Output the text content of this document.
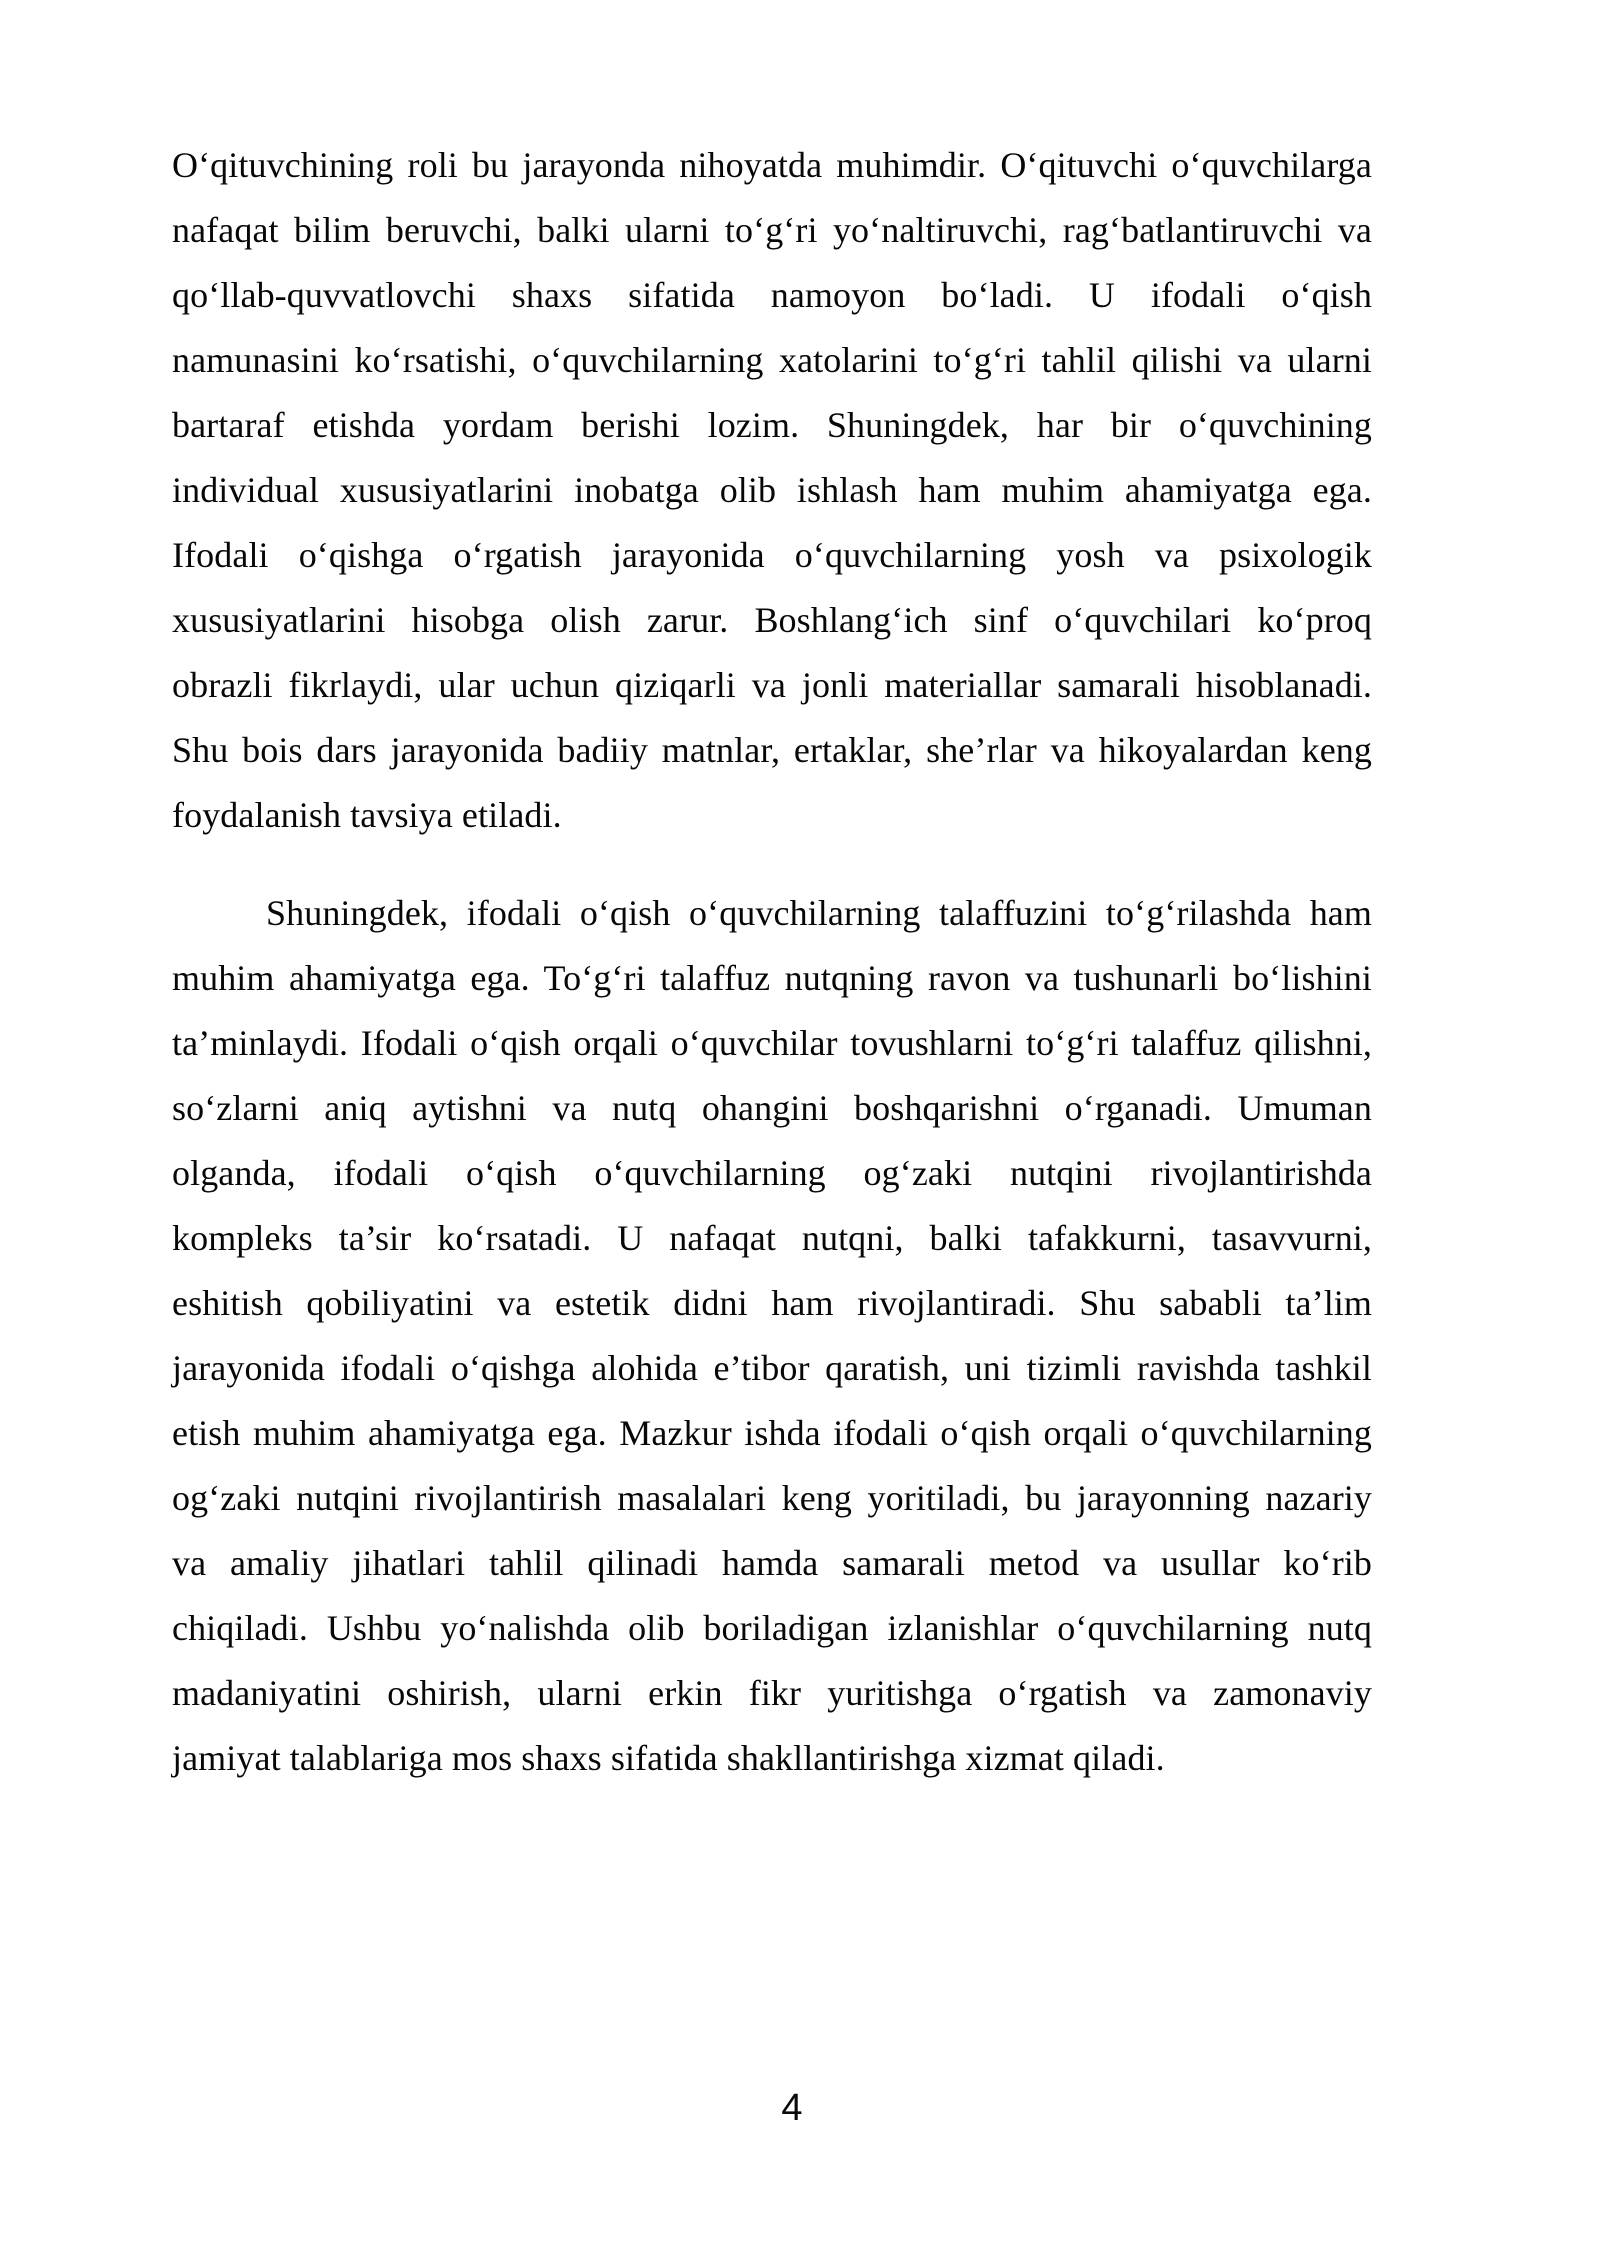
O‘qituvchining roli bu jarayonda nihoyatda muhimdir. O‘qituvchi o‘quvchilarga
nafaqat bilim beruvchi, balki ularni to‘g‘ri yo‘naltiruvchi, rag‘batlantiruvchi va
qo‘llab-quvvatlovchi shaxs sifatida namoyon bo‘ladi. U ifodali o‘qish
namunasini ko‘rsatishi, o‘quvchilarning xatolarini to‘g‘ri tahlil qilishi va ularni
bartaraf etishda yordam berishi lozim. Shuningdek, har bir o‘quvchining
individual xususiyatlarini inobatga olib ishlash ham muhim ahamiyatga ega.
Ifodali o‘qishga o‘rgatish jarayonida o‘quvchilarning yosh va psixologik
xususiyatlarini hisobga olish zarur. Boshlang‘ich sinf o‘quvchilari ko‘proq
obrazli fikrlaydi, ular uchun qiziqarli va jonli materiallar samarali hisoblanadi.
Shu bois dars jarayonida badiiy matnlar, ertaklar, she’rlar va hikoyalardan keng
foydalanish tavsiya etiladi.
Shuningdek, ifodali o‘qish o‘quvchilarning talaffuzini to‘g‘rilashda ham
muhim ahamiyatga ega. To‘g‘ri talaffuz nutqning ravon va tushunarli bo‘lishini
ta’minlaydi. Ifodali o‘qish orqali o‘quvchilar tovushlarni to‘g‘ri talaffuz qilishni,
so‘zlarni aniq aytishni va nutq ohangini boshqarishni o‘rganadi. Umuman
olganda, ifodali o‘qish o‘quvchilarning og‘zaki nutqini rivojlantirishda
kompleks ta’sir ko‘rsatadi. U nafaqat nutqni, balki tafakkurni, tasavvurni,
eshitish qobiliyatini va estetik didni ham rivojlantiradi. Shu sababli ta’lim
jarayonida ifodali o‘qishga alohida e’tibor qaratish, uni tizimli ravishda tashkil
etish muhim ahamiyatga ega. Mazkur ishda ifodali o‘qish orqali o‘quvchilarning
og‘zaki nutqini rivojlantirish masalalari keng yoritiladi, bu jarayonning nazariy
va amaliy jihatlari tahlil qilinadi hamda samarali metod va usullar ko‘rib
chiqiladi. Ushbu yo‘nalishda olib boriladigan izlanishlar o‘quvchilarning nutq
madaniyatini oshirish, ularni erkin fikr yuritishga o‘rgatish va zamonaviy
jamiyat talablariga mos shaxs sifatida shakllantirishga xizmat qiladi.
4
